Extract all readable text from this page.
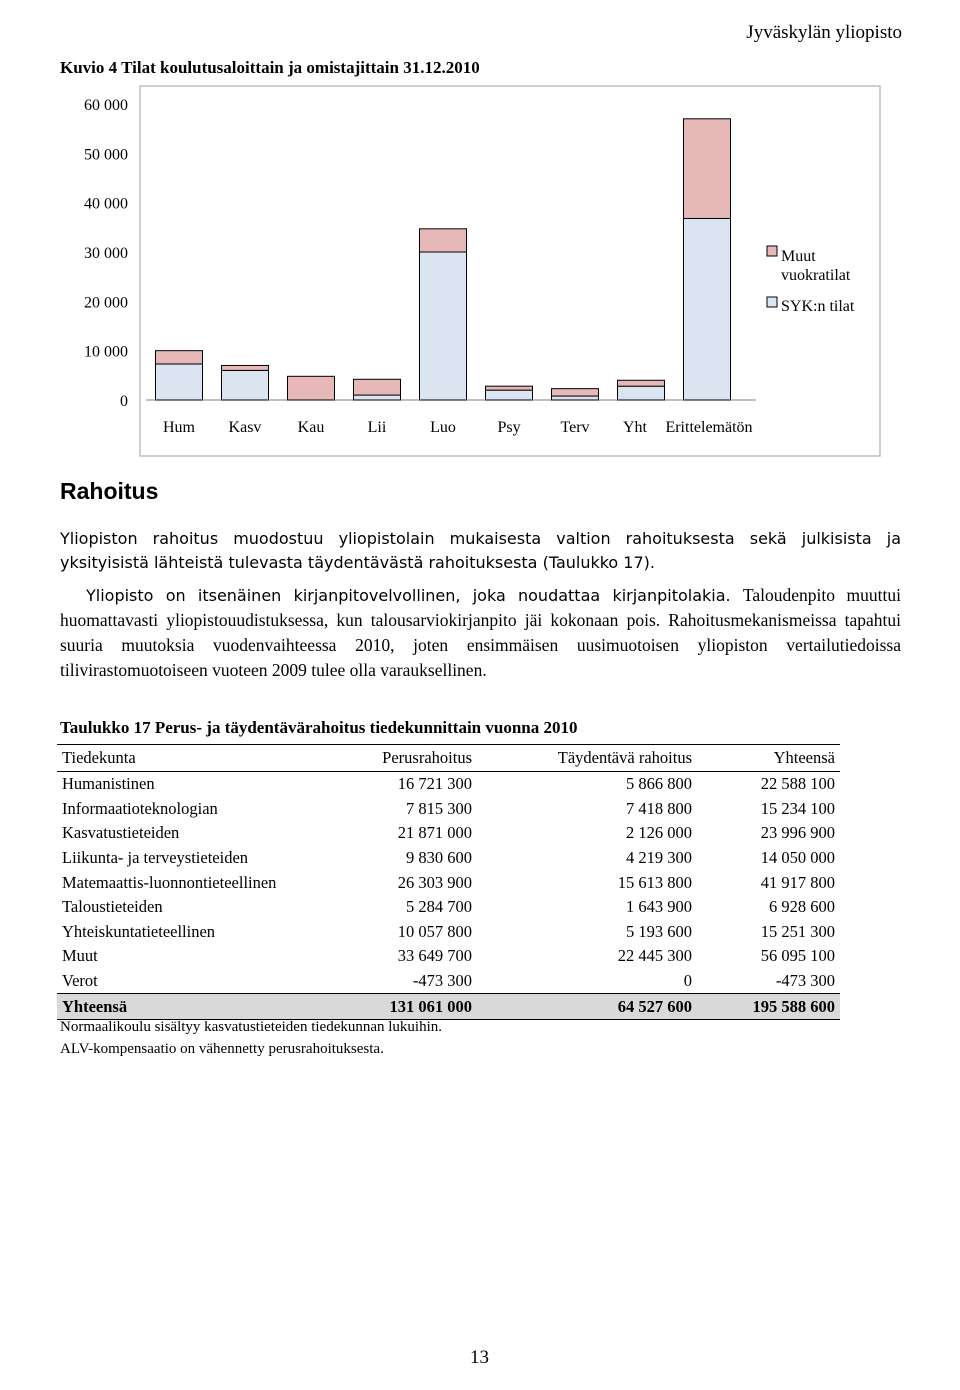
Jyväskylän yliopisto
Kuvio 4 Tilat koulutusaloittain ja omistajittain 31.12.2010
0
10 000
20 000
30 000
40 000
50 000
60 000
Hum Kasv Kau	Lii	Luo	Psy Terv Yht Erittelemätön
Muut
vuokratilat
SYK:n tilat
Rahoitus
Yliopiston rahoitus muodostuu yliopistolain mukaisesta valtion rahoituksesta sekä julkisista ja yksityisistä lähteistä tulevasta täydentävästä rahoituksesta (Taulukko 17).
Yliopisto on itsenäinen kirjanpitovelvollinen, joka noudattaa kirjanpitolakia. Taloudenpito muuttui huomattavasti yliopistouudistuksessa, kun talousarviokirjanpito jäi kokonaan pois. Rahoitusmekanismeissa tapahtui suuria muutoksia vuodenvaihteessa 2010, joten ensimmäisen uusimuotoisen yliopiston vertailutiedoissa tilivirastomuotoiseen vuoteen 2009 tulee olla varauksellinen.
Taulukko 17 Perus- ja täydentävärahoitus tiedekunnittain vuonna 2010
Tiedekunta	Perusrahoitus	Täydentävä rahoitus	Yhteensä
Humanistinen	16 721 300	5 866 800	22 588 100
Informaatioteknologian	7 815 300	7 418 800	15 234 100
Kasvatustieteiden	21 871 000	2 126 000	23 996 900
Liikunta- ja terveystieteiden	9 830 600	4 219 300	14 050 000
Matemaattis-luonnontieteellinen	26 303 900	15 613 800	41 917 800
Taloustieteiden	5 284 700	1 643 900	6 928 600
Yhteiskuntatieteellinen	10 057 800	5 193 600	15 251 300
Muut	33 649 700	22 445 300	56 095 100
Verot	-473 300	0	-473 300
Yhteensä	131 061 000	64 527 600	195 588 600
Normaalikoulu sisältyy kasvatustieteiden tiedekunnan lukuihin.
ALV-kompensaatio on vähennetty perusrahoituksesta.
13
